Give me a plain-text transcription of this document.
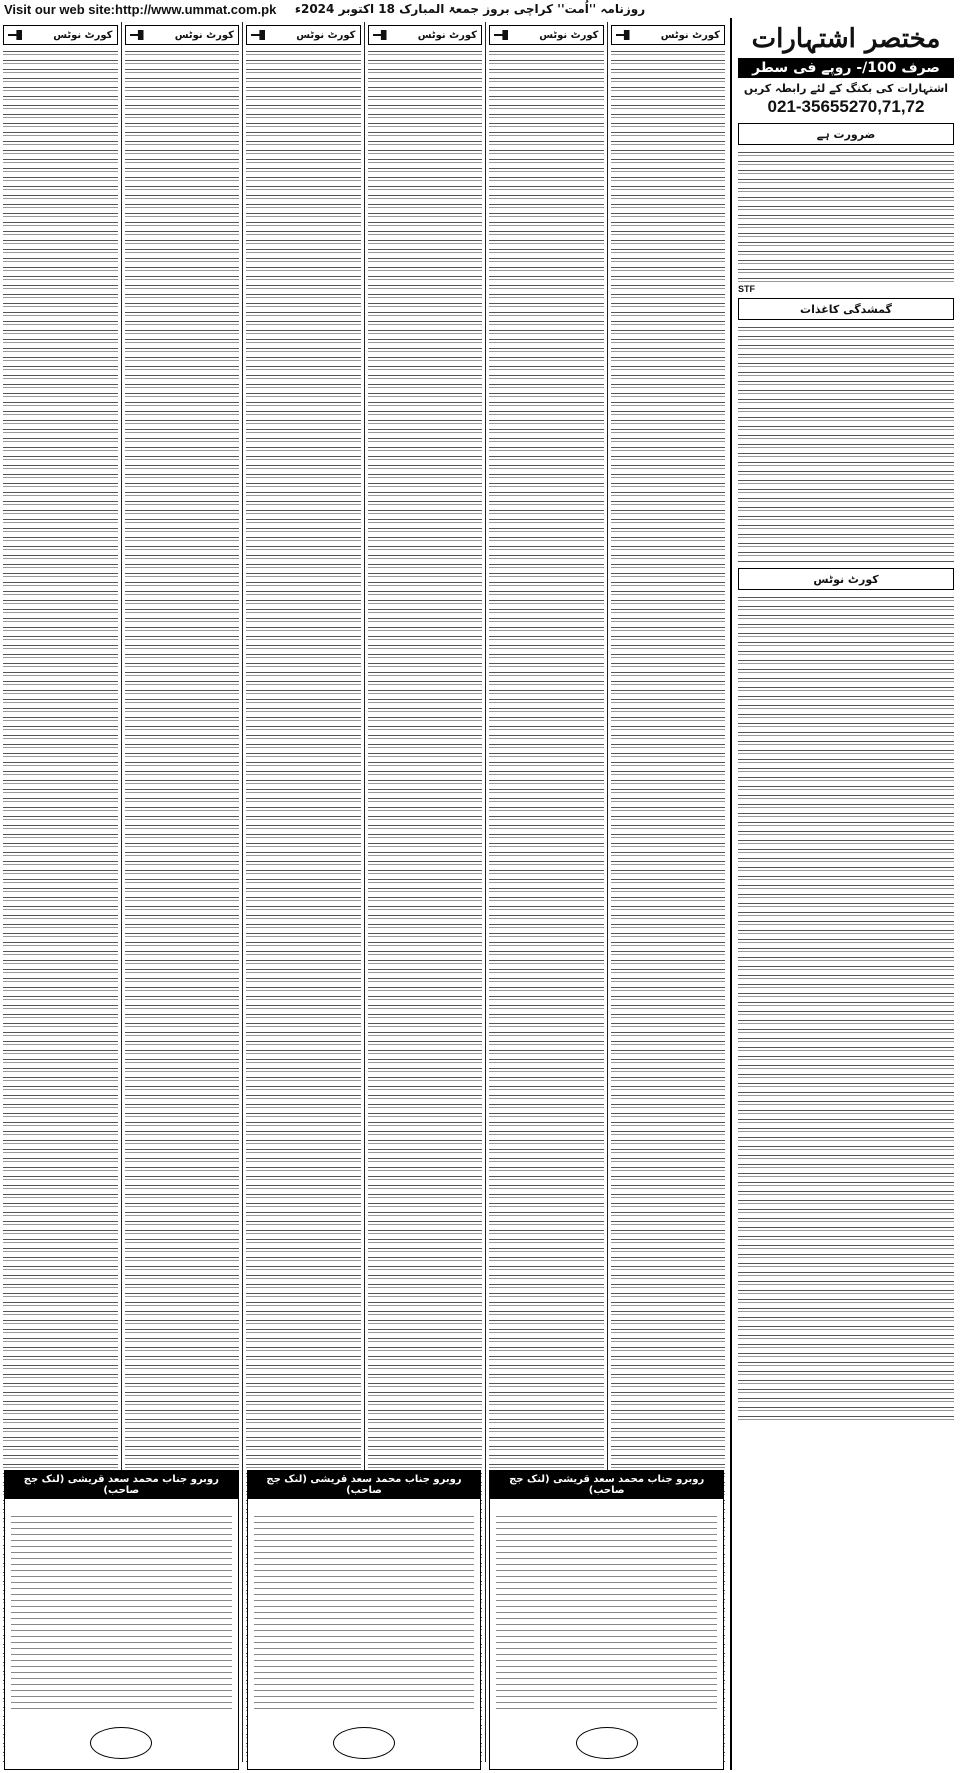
Visit our web site:http://www.ummat.com.pk	روزنامہ ''اُمت'' کراچی بروز جمعۃ المبارک 18 اکتوبر 2024ء
کورٹ نوٹس
کورٹ نوٹس
کورٹ نوٹس
کورٹ نوٹس
کورٹ نوٹس
کورٹ نوٹس
روبرو جناب محمد سعد قریشی (لنک جج صاحب)
روبرو جناب محمد سعد قریشی (لنک جج صاحب)
روبرو جناب محمد سعد قریشی (لنک جج صاحب)
مختصر اشتہارات
صرف 100/- روپے فی سطر
اشتہارات کی بکنگ کے لئے رابطہ کریں
021-35655270,71,72
ضرورت ہے
STF
گمشدگی کاغذات
کورٹ نوٹس
